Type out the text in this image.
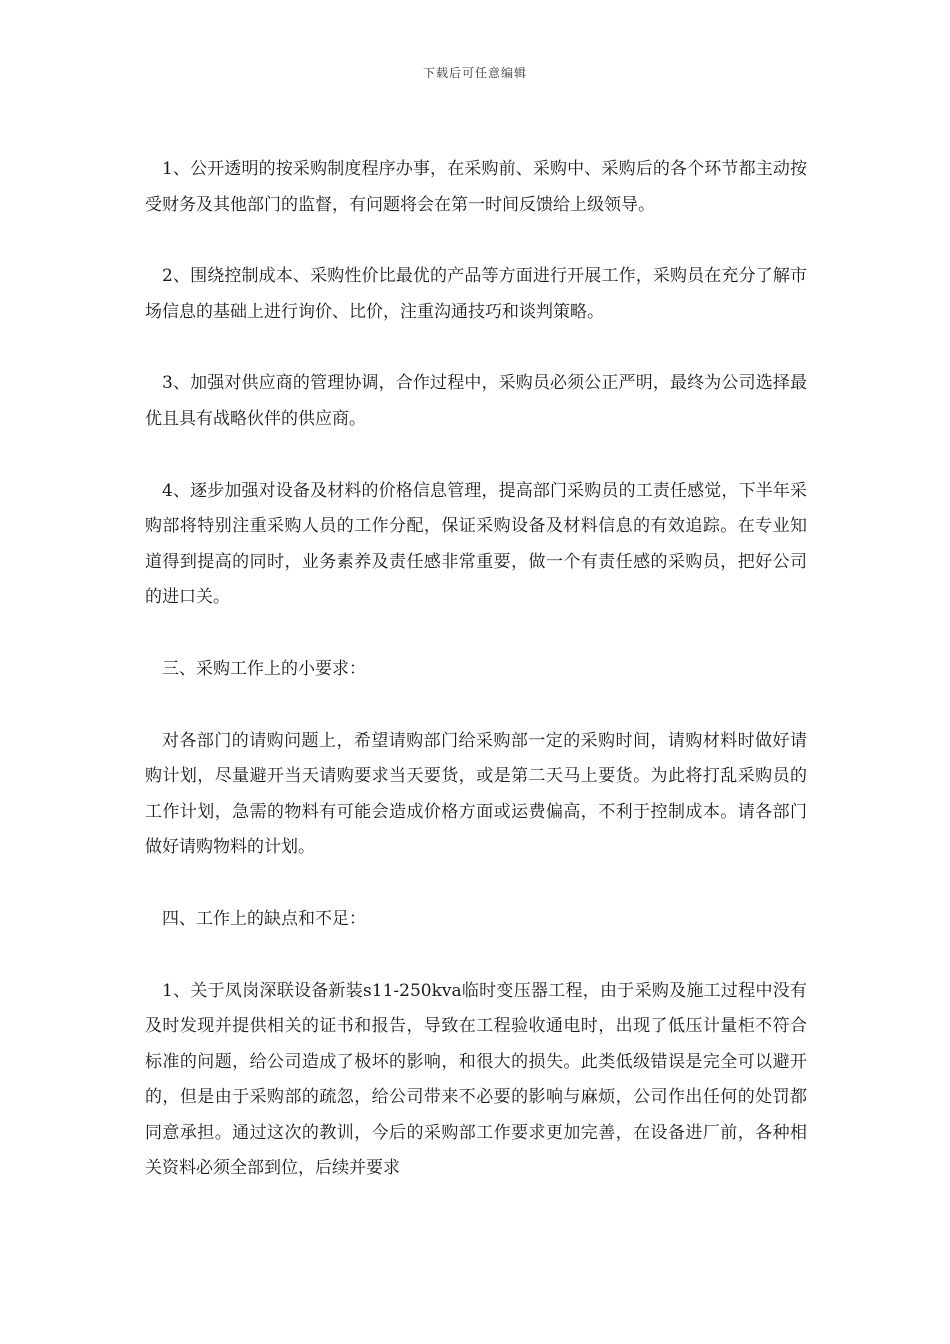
下载后可任意编辑

1、公开透明的按采购制度程序办事，在采购前、采购中、采购后的各个环节都主动按受财务及其他部门的监督，有问题将会在第一时间反馈给上级领导。

2、围绕控制成本、采购性价比最优的产品等方面进行开展工作，采购员在充分了解市场信息的基础上进行询价、比价，注重沟通技巧和谈判策略。

3、加强对供应商的管理协调，合作过程中，采购员必须公正严明，最终为公司选择最优且具有战略伙伴的供应商。

4、逐步加强对设备及材料的价格信息管理，提高部门采购员的工责任感觉，下半年采购部将特别注重采购人员的工作分配，保证采购设备及材料信息的有效追踪。在专业知道得到提高的同时，业务素养及责任感非常重要，做一个有责任感的采购员，把好公司的进口关。

三、采购工作上的小要求：

对各部门的请购问题上，希望请购部门给采购部一定的采购时间，请购材料时做好请购计划，尽量避开当天请购要求当天要货，或是第二天马上要货。为此将打乱采购员的工作计划，急需的物料有可能会造成价格方面或运费偏高，不利于控制成本。请各部门做好请购物料的计划。

四、工作上的缺点和不足：

1、关于凤岗深联设备新装s11-250kva临时变压器工程，由于采购及施工过程中没有及时发现并提供相关的证书和报告，导致在工程验收通电时，出现了低压计量柜不符合标准的问题，给公司造成了极坏的影响，和很大的损失。此类低级错误是完全可以避开的，但是由于采购部的疏忽，给公司带来不必要的影响与麻烦，公司作出任何的处罚都同意承担。通过这次的教训，今后的采购部工作要求更加完善，在设备进厂前，各种相关资料必须全部到位，后续并要求
